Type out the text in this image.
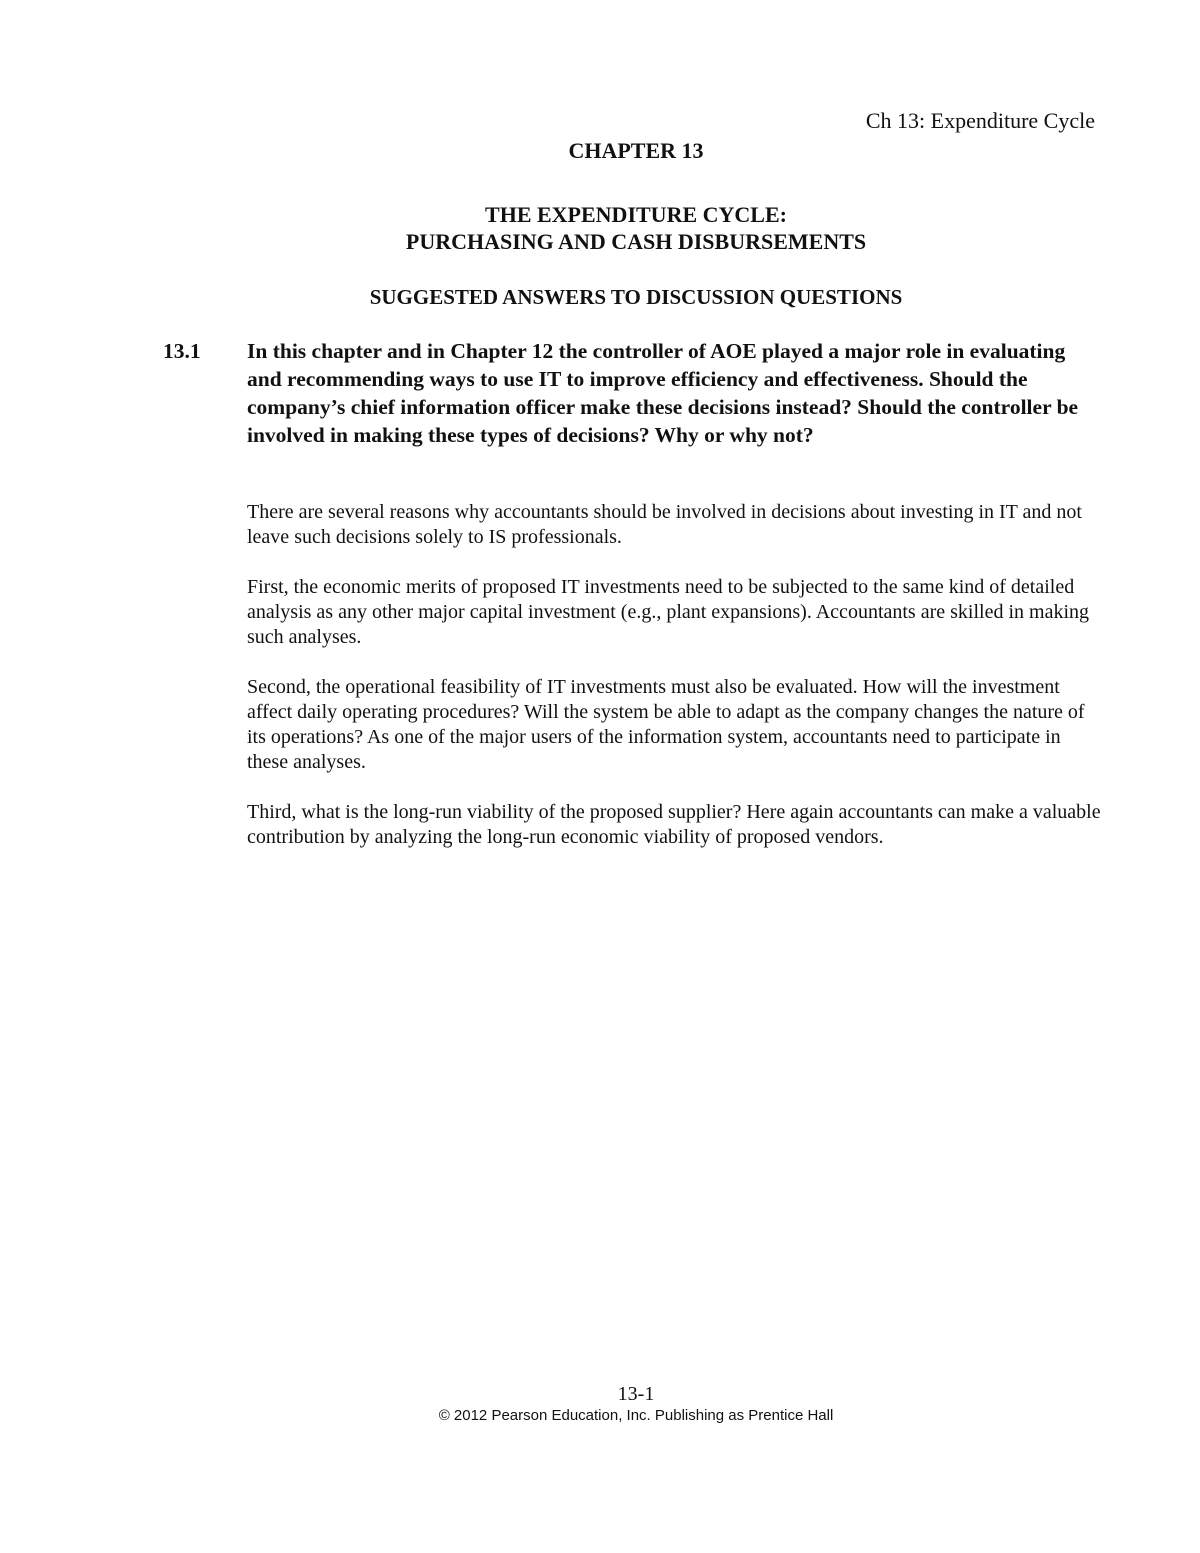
Ch 13: Expenditure Cycle
CHAPTER 13
THE EXPENDITURE CYCLE:
PURCHASING AND CASH DISBURSEMENTS
SUGGESTED ANSWERS TO DISCUSSION QUESTIONS
13.1 In this chapter and in Chapter 12 the controller of AOE played a major role in evaluating and recommending ways to use IT to improve efficiency and effectiveness. Should the company’s chief information officer make these decisions instead? Should the controller be involved in making these types of decisions? Why or why not?

There are several reasons why accountants should be involved in decisions about investing in IT and not leave such decisions solely to IS professionals.

First, the economic merits of proposed IT investments need to be subjected to the same kind of detailed analysis as any other major capital investment (e.g., plant expansions). Accountants are skilled in making such analyses.

Second, the operational feasibility of IT investments must also be evaluated. How will the investment affect daily operating procedures? Will the system be able to adapt as the company changes the nature of its operations? As one of the major users of the information system, accountants need to participate in these analyses.

Third, what is the long-run viability of the proposed supplier? Here again accountants can make a valuable contribution by analyzing the long-run economic viability of proposed vendors.

13-1
© 2012 Pearson Education, Inc. Publishing as Prentice Hall
